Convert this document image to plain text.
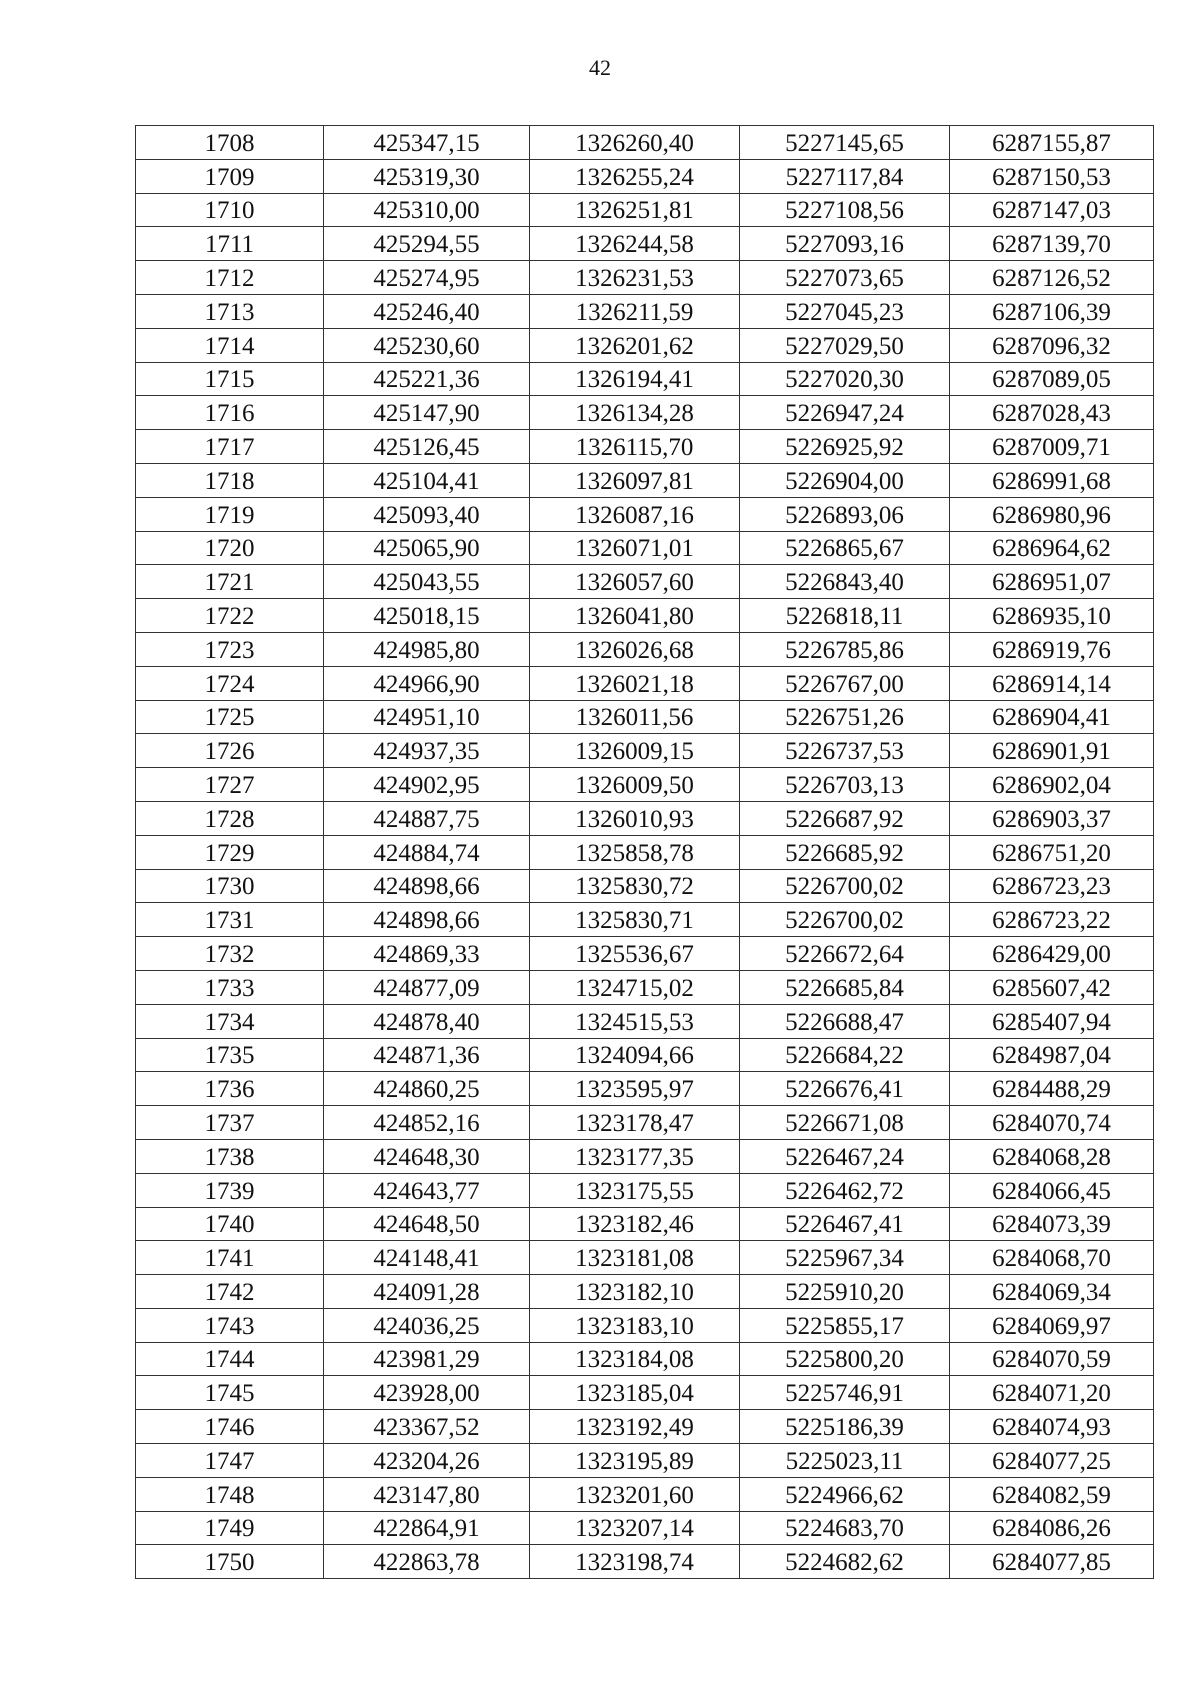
42
1708	425347,15	1326260,40	5227145,65	6287155,87
1709	425319,30	1326255,24	5227117,84	6287150,53
1710	425310,00	1326251,81	5227108,56	6287147,03
1711	425294,55	1326244,58	5227093,16	6287139,70
1712	425274,95	1326231,53	5227073,65	6287126,52
1713	425246,40	1326211,59	5227045,23	6287106,39
1714	425230,60	1326201,62	5227029,50	6287096,32
1715	425221,36	1326194,41	5227020,30	6287089,05
1716	425147,90	1326134,28	5226947,24	6287028,43
1717	425126,45	1326115,70	5226925,92	6287009,71
1718	425104,41	1326097,81	5226904,00	6286991,68
1719	425093,40	1326087,16	5226893,06	6286980,96
1720	425065,90	1326071,01	5226865,67	6286964,62
1721	425043,55	1326057,60	5226843,40	6286951,07
1722	425018,15	1326041,80	5226818,11	6286935,10
1723	424985,80	1326026,68	5226785,86	6286919,76
1724	424966,90	1326021,18	5226767,00	6286914,14
1725	424951,10	1326011,56	5226751,26	6286904,41
1726	424937,35	1326009,15	5226737,53	6286901,91
1727	424902,95	1326009,50	5226703,13	6286902,04
1728	424887,75	1326010,93	5226687,92	6286903,37
1729	424884,74	1325858,78	5226685,92	6286751,20
1730	424898,66	1325830,72	5226700,02	6286723,23
1731	424898,66	1325830,71	5226700,02	6286723,22
1732	424869,33	1325536,67	5226672,64	6286429,00
1733	424877,09	1324715,02	5226685,84	6285607,42
1734	424878,40	1324515,53	5226688,47	6285407,94
1735	424871,36	1324094,66	5226684,22	6284987,04
1736	424860,25	1323595,97	5226676,41	6284488,29
1737	424852,16	1323178,47	5226671,08	6284070,74
1738	424648,30	1323177,35	5226467,24	6284068,28
1739	424643,77	1323175,55	5226462,72	6284066,45
1740	424648,50	1323182,46	5226467,41	6284073,39
1741	424148,41	1323181,08	5225967,34	6284068,70
1742	424091,28	1323182,10	5225910,20	6284069,34
1743	424036,25	1323183,10	5225855,17	6284069,97
1744	423981,29	1323184,08	5225800,20	6284070,59
1745	423928,00	1323185,04	5225746,91	6284071,20
1746	423367,52	1323192,49	5225186,39	6284074,93
1747	423204,26	1323195,89	5225023,11	6284077,25
1748	423147,80	1323201,60	5224966,62	6284082,59
1749	422864,91	1323207,14	5224683,70	6284086,26
1750	422863,78	1323198,74	5224682,62	6284077,85
